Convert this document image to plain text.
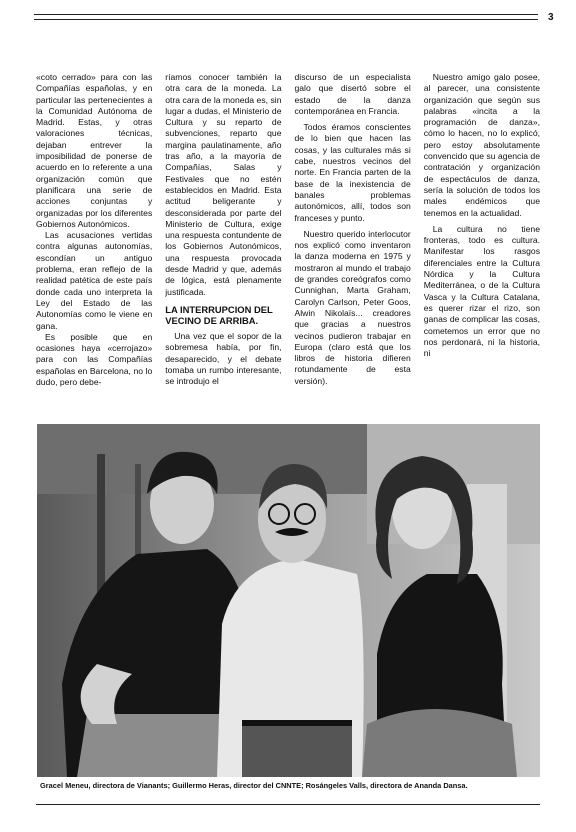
3

«coto cerrado» para con las Compañías españolas, y en particular las pertenecientes a la Comunidad Autónoma de Madrid. Estas, y otras valoraciones técnicas, dejaban entrever la imposibilidad de ponerse de acuerdo en lo referente a una organización común que planificara una serie de acciones conjuntas y organizadas por los diferentes Gobiernos Autonómicos.

Las acusaciones vertidas contra algunas autonomías, escondían un antiguo problema, eran reflejo de la realidad patética de este país donde cada uno interpreta la Ley del Estado de las Autonomías como le viene en gana.

Es posible que en ocasiones haya «cerrojazo» para con las Compañías españolas en Barcelona, no lo dudo, pero debe-

ríamos conocer también la otra cara de la moneda. La otra cara de la moneda es, sin lugar a dudas, el Ministerio de Cultura y su reparto de subvenciones, reparto que margina paulatinamente, año tras año, a la mayoría de Compañías, Salas y Festivales que no estén establecidos en Madrid. Esta actitud beligerante y desconsiderada por parte del Ministerio de Cultura, exige una respuesta contundente de los Gobiernos Autonómicos, una respuesta provocada desde Madrid y que, además de lógica, está plenamente justificada.

LA INTERRUPCION DEL VECINO DE ARRIBA.

Una vez que el sopor de la sobremesa había, por fin, desaparecido, y el debate tomaba un rumbo interesante, se introdujo el

discurso de un especialista galo que disertó sobre el estado de la danza contemporánea en Francia.

Todos éramos conscientes de lo bien que hacen las cosas, y las culturales más si cabe, nuestros vecinos del norte. En Francia parten de la base de la inexistencia de banales problemas autonómicos, allí, todos son franceses y punto.

Nuestro querido interlocutor nos explicó como inventaron la danza moderna en 1975 y mostraron al mundo el trabajo de grandes coreógrafos como Cunnighan, Marta Graham, Carolyn Carlson, Peter Goos, Alwin Nikolaïs... creadores que gracias a nuestros vecinos pudieron trabajar en Europa (claro está que los libros de historia difieren rotundamente de esta versión).

Nuestro amigo galo posee, al parecer, una consistente organización que según sus palabras «incita a la programación de danza», cómo lo hacen, no lo explicó, pero estoy absolutamente convencido que su agencia de contratación y organización de espectáculos de danza, sería la solución de todos los males endémicos que tenemos en la actualidad.

La cultura no tiene fronteras, todo es cultura. Manifestar los rasgos diferenciales entre la Cultura Nórdica y la Cultura Mediterránea, o de la Cultura Vasca y la Cultura Catalana, es querer rizar el rizo, son ganas de complicar las cosas, cometemos un error que no nos perdonará, ni la historia, ni

Gracel Meneu, directora de Vianants; Guillermo Heras, director del CNNTE; Rosángeles Valls, directora de Ananda Dansa.
